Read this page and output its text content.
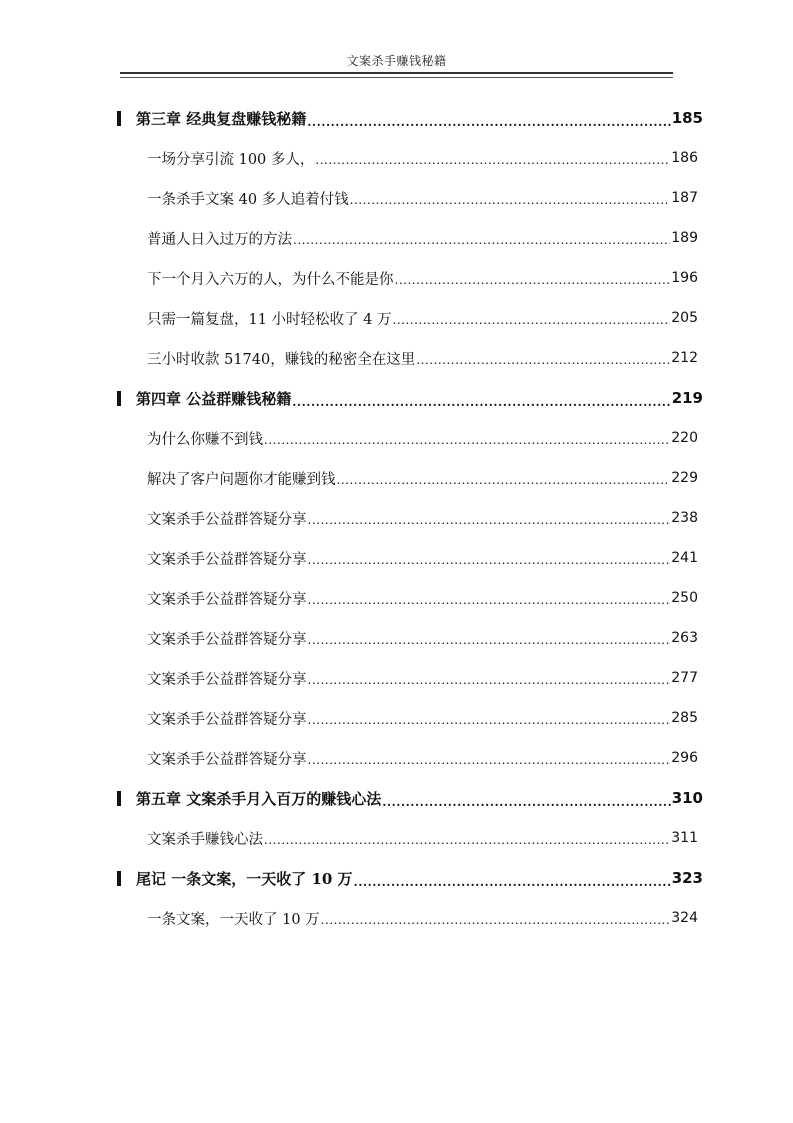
文案杀手赚钱秘籍
第三章 经典复盘赚钱秘籍 .....	185
一场分享引流 100 多人， .....	186
一条杀手文案 40 多人追着付钱 .....	187
普通人日入过万的方法 .....	189
下一个月入六万的人，为什么不能是你 .....	196
只需一篇复盘，11 小时轻松收了 4 万 .....	205
三小时收款 51740，赚钱的秘密全在这里 .....	212
第四章 公益群赚钱秘籍 .....	219
为什么你赚不到钱 .....	220
解决了客户问题你才能赚到钱 .....	229
文案杀手公益群答疑分享 .....	238
文案杀手公益群答疑分享 .....	241
文案杀手公益群答疑分享 .....	250
文案杀手公益群答疑分享 .....	263
文案杀手公益群答疑分享 .....	277
文案杀手公益群答疑分享 .....	285
文案杀手公益群答疑分享 .....	296
第五章 文案杀手月入百万的赚钱心法 .....	310
文案杀手赚钱心法 .....	311
尾记 一条文案，一天收了 10 万 .....	323
一条文案，一天收了 10 万 .....	324
